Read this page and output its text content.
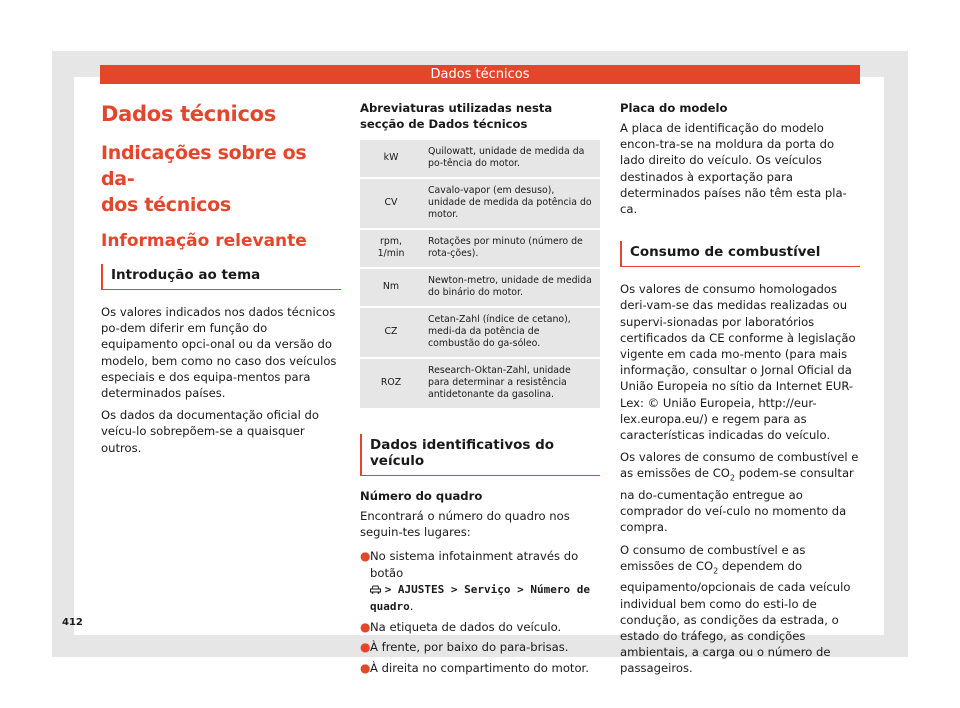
Dados técnicos
Dados técnicos
Indicações sobre os da-
dos técnicos
Informação relevante
Introdução ao tema

Os valores indicados nos dados técnicos po-dem diferir em função do equipamento opci-onal ou da versão do modelo, bem como no caso dos veículos especiais e dos equipa-mentos para determinados países.

Os dados da documentação oficial do veícu-lo sobrepõem-se a quaisquer outros.

Abreviaturas utilizadas nesta secção de Dados técnicos
kW	Quilowatt, unidade de medida da po-tência do motor.
CV	Cavalo-vapor (em desuso), unidade de medida da potência do motor.
rpm, 1/min	Rotações por minuto (número de rota-ções).
Nm	Newton-metro, unidade de medida do binário do motor.
CZ	Cetan-Zahl (índice de cetano), medi-da da potência de combustão do ga-sóleo.
ROZ	Research-Oktan-Zahl, unidade para determinar a resistência antidetonante da gasolina.
Dados identificativos do veículo
Número do quadro

Encontrará o número do quadro nos seguin-tes lugares:

● No sistema infotainment através do botão
> AJUSTES > Serviço > Número de quadro.
● Na etiqueta de dados do veículo.
● À frente, por baixo do para-brisas.
● À direita no compartimento do motor.
Placa do modelo

A placa de identificação do modelo encon-tra-se na moldura da porta do lado direito do veículo. Os veículos destinados à exportação para determinados países não têm esta pla-ca.

Consumo de combustível

Os valores de consumo homologados deri-vam-se das medidas realizadas ou supervi-sionadas por laboratórios certificados da CE conforme à legislação vigente em cada mo-mento (para mais informação, consultar o Jornal Oficial da União Europeia no sítio da Internet EUR-Lex: © União Europeia, http://eur-lex.europa.eu/) e regem para as características indicadas do veículo.

Os valores de consumo de combustível e as emissões de $CO_2$ podem-se consultar na do-cumentação entregue ao comprador do veí-culo no momento da compra.

O consumo de combustível e as emissões de $CO_2$ dependem do equipamento/opcionais de cada veículo individual bem como do esti-lo de condução, as condições da estrada, o estado do tráfego, as condições ambientais, a carga ou o número de passageiros.

412
